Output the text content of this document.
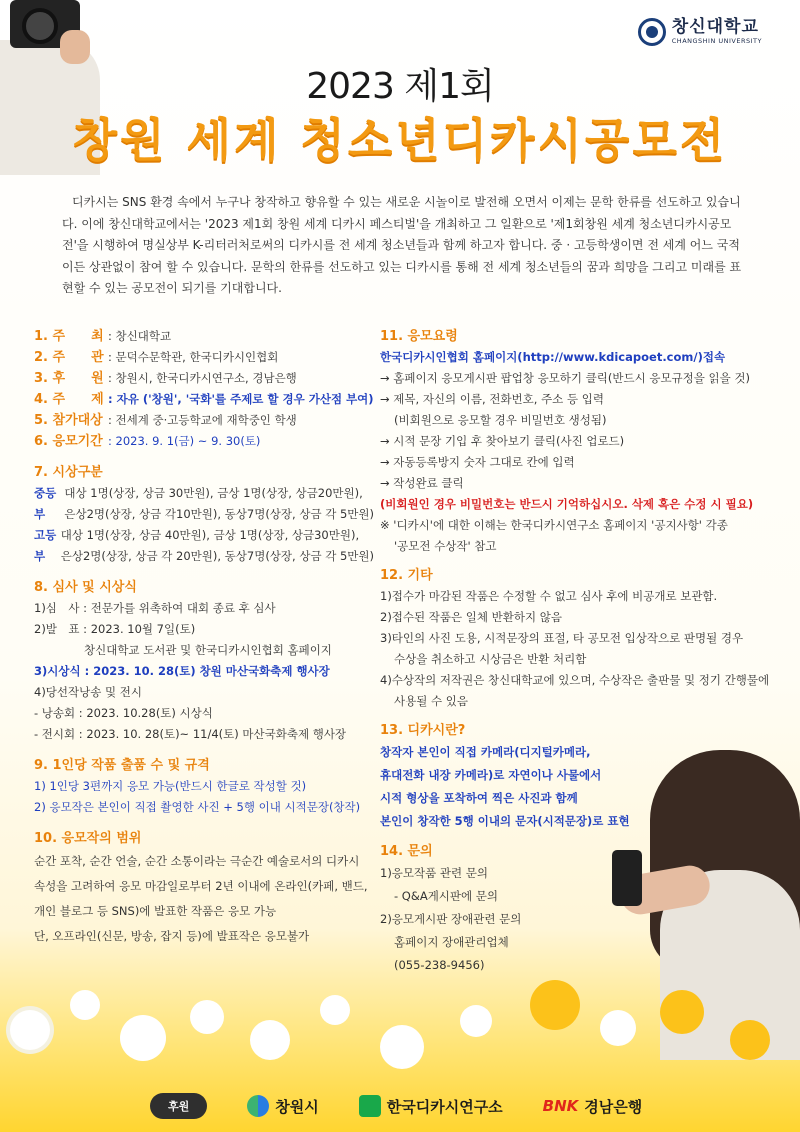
창신대학교
CHANGSHIN UNIVERSITY
2023 제1회
창원 세계 청소년디카시공모전

디카시는 SNS 환경 속에서 누구나 창작하고 향유할 수 있는 새로운 시놀이로 발전해 오면서 이제는 문학 한류를 선도하고 있습니다. 이에 창신대학교에서는 '2023 제1회 창원 세계 디카시 페스티벌'을 개최하고 그 일환으로 '제1회창원 세계 청소년디카시공모전'을 시행하여 명실상부 K-리터러처로써의 디카시를 전 세계 청소년들과 함께 하고자 합니다. 중 · 고등학생이면 전 세계 어느 국적이든 상관없이 참여 할 수 있습니다. 문학의 한류를 선도하고 있는 디카시를 통해 전 세계 청소년들의 꿈과 희망을 그리고 미래를 표현할 수 있는 공모전이 되기를 기대합니다.

1. 주　　최 : 창신대학교
2. 주　　관 : 문덕수문학관, 한국디카시인협회
3. 후　　원 : 창원시, 한국디카시연구소, 경남은행
4. 주　　제 : 자유 ('창원', '국화'를 주제로 할 경우 가산점 부여)
5. 참가대상 : 전세계 중·고등학교에 재학중인 학생
6. 응모기간 : 2023. 9. 1(금) ~ 9. 30(토)
7. 시상구분
중등부
대상 1명(상장, 상금 30만원), 금상 1명(상장, 상금20만원),
은상2명(상장, 상금 각10만원), 동상7명(상장, 상금 각 5만원)
고등부
대상 1명(상장, 상금 40만원), 금상 1명(상장, 상금30만원),
은상2명(상장, 상금 각 20만원), 동상7명(상장, 상금 각 5만원)
8. 심사 및 시상식
1)심　사 : 전문가를 위촉하여 대회 종료 후 심사
2)발　표 : 2023. 10월 7일(토)
창신대학교 도서관 및 한국디카시인협회 홈페이지
3)시상식 : 2023. 10. 28(토) 창원 마산국화축제 행사장
4)당선작낭송 및 전시
- 낭송회 : 2023. 10.28(토) 시상식
- 전시회 : 2023. 10. 28(토)~ 11/4(토) 마산국화축제 행사장
9. 1인당 작품 출품 수 및 규격
1) 1인당 3편까지 응모 가능(반드시 한글로 작성할 것)
2) 응모작은 본인이 직접 촬영한 사진 + 5행 이내 시적문장(창작)
10. 응모작의 범위
순간 포착, 순간 언술, 순간 소통이라는 극순간 예술로서의 디카시
속성을 고려하여 응모 마감일로부터 2년 이내에 온라인(카페, 밴드,
개인 블로그 등 SNS)에 발표한 작품은 응모 가능
단, 오프라인(신문, 방송, 잡지 등)에 발표작은 응모불가
11. 응모요령
한국디카시인협회 홈페이지(http://www.kdicapoet.com/)접속
→ 홈페이지 응모게시판 팝업창 응모하기 클릭(반드시 응모규정을 읽을 것)
→ 제목, 자신의 이름, 전화번호, 주소 등 입력
(비회원으로 응모할 경우 비밀번호 생성됨)
→ 시적 문장 기입 후 찾아보기 클릭(사진 업로드)
→ 자동등록방지 숫자 그대로 칸에 입력
→ 작성완료 클릭
(비회원인 경우 비밀번호는 반드시 기억하십시오. 삭제 혹은 수정 시 필요)
※ '디카시'에 대한 이해는 한국디카시연구소 홈페이지 '공지사항' 각종
'공모전 수상작' 참고
12. 기타
1)접수가 마감된 작품은 수정할 수 없고 심사 후에 비공개로 보관함.
2)접수된 작품은 일체 반환하지 않음
3)타인의 사진 도용, 시적문장의 표절, 타 공모전 입상작으로 판명될 경우
수상을 취소하고 시상금은 반환 처리함
4)수상작의 저작권은 창신대학교에 있으며, 수상작은 출판물 및 정기 간행물에
사용될 수 있음
13. 디카시란?
창작자 본인이 직접 카메라(디지털카메라,
휴대전화 내장 카메라)로 자연이나 사물에서
시적 형상을 포착하여 찍은 사진과 함께
본인이 창작한 5행 이내의 문자(시적문장)로 표현
14. 문의
1)응모작품 관련 문의
- Q&A게시판에 문의
2)응모게시판 장애관련 문의
홈페이지 장애관리업체
(055-238-9456)
후원	창원시	한국디카시연구소	BNK 경남은행
